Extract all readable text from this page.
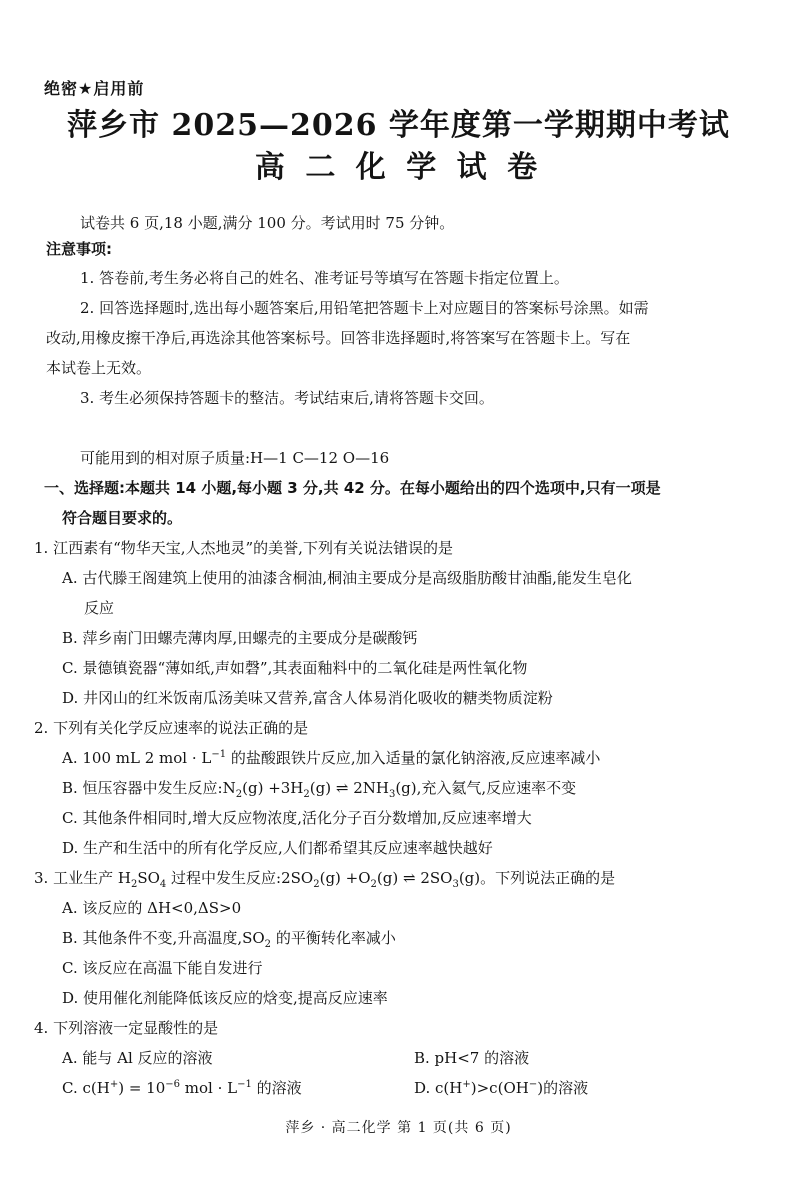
绝密★启用前
萍乡市 2025—2026 学年度第一学期期中考试
高 二 化 学 试 卷
试卷共 6 页,18 小题,满分 100 分。考试用时 75 分钟。
注意事项:
1. 答卷前,考生务必将自己的姓名、准考证号等填写在答题卡指定位置上。
2. 回答选择题时,选出每小题答案后,用铅笔把答题卡上对应题目的答案标号涂黑。如需
改动,用橡皮擦干净后,再选涂其他答案标号。回答非选择题时,将答案写在答题卡上。写在
本试卷上无效。
3. 考生必须保持答题卡的整洁。考试结束后,请将答题卡交回。
可能用到的相对原子质量:H—1 C—12 O—16
一、选择题:本题共 14 小题,每小题 3 分,共 42 分。在每小题给出的四个选项中,只有一项是
符合题目要求的。
1. 江西素有“物华天宝,人杰地灵”的美誉,下列有关说法错误的是
A. 古代滕王阁建筑上使用的油漆含桐油,桐油主要成分是高级脂肪酸甘油酯,能发生皂化
反应
B. 萍乡南门田螺壳薄肉厚,田螺壳的主要成分是碳酸钙
C. 景德镇瓷器“薄如纸,声如磬”,其表面釉料中的二氧化硅是两性氧化物
D. 井冈山的红米饭南瓜汤美味又营养,富含人体易消化吸收的糖类物质淀粉
2. 下列有关化学反应速率的说法正确的是
A. 100 mL 2 mol · $L^{-1}$ 的盐酸跟铁片反应,加入适量的氯化钠溶液,反应速率减小
B. 恒压容器中发生反应$:N_2(g) +3H_2(g)$ ⇌ $2NH_3(g)$,充入氦气,反应速率不变
C. 其他条件相同时,增大反应物浓度,活化分子百分数增加,反应速率增大
D. 生产和生活中的所有化学反应,人们都希望其反应速率越快越好
3. 工业生产 $H_2SO_4$ 过程中发生反应$:2SO_2(g) +O_2(g)$ ⇌ $2SO_3(g)$。下列说法正确的是
A. 该反应的 ΔH<0,ΔS>0
B. 其他条件不变,升高温度$,SO_2$ 的平衡转化率减小
C. 该反应在高温下能自发进行
D. 使用催化剂能降低该反应的焓变,提高反应速率
4. 下列溶液一定显酸性的是
A. 能与 Al 反应的溶液	B. pH<7 的溶液
C. $c(H^+) = 10^{-6}$ mol · $L^{-1}$ 的溶液	D. c(H+)>c(OH−)的溶液
萍乡 · 高二化学 第 1 页(共 6 页)
